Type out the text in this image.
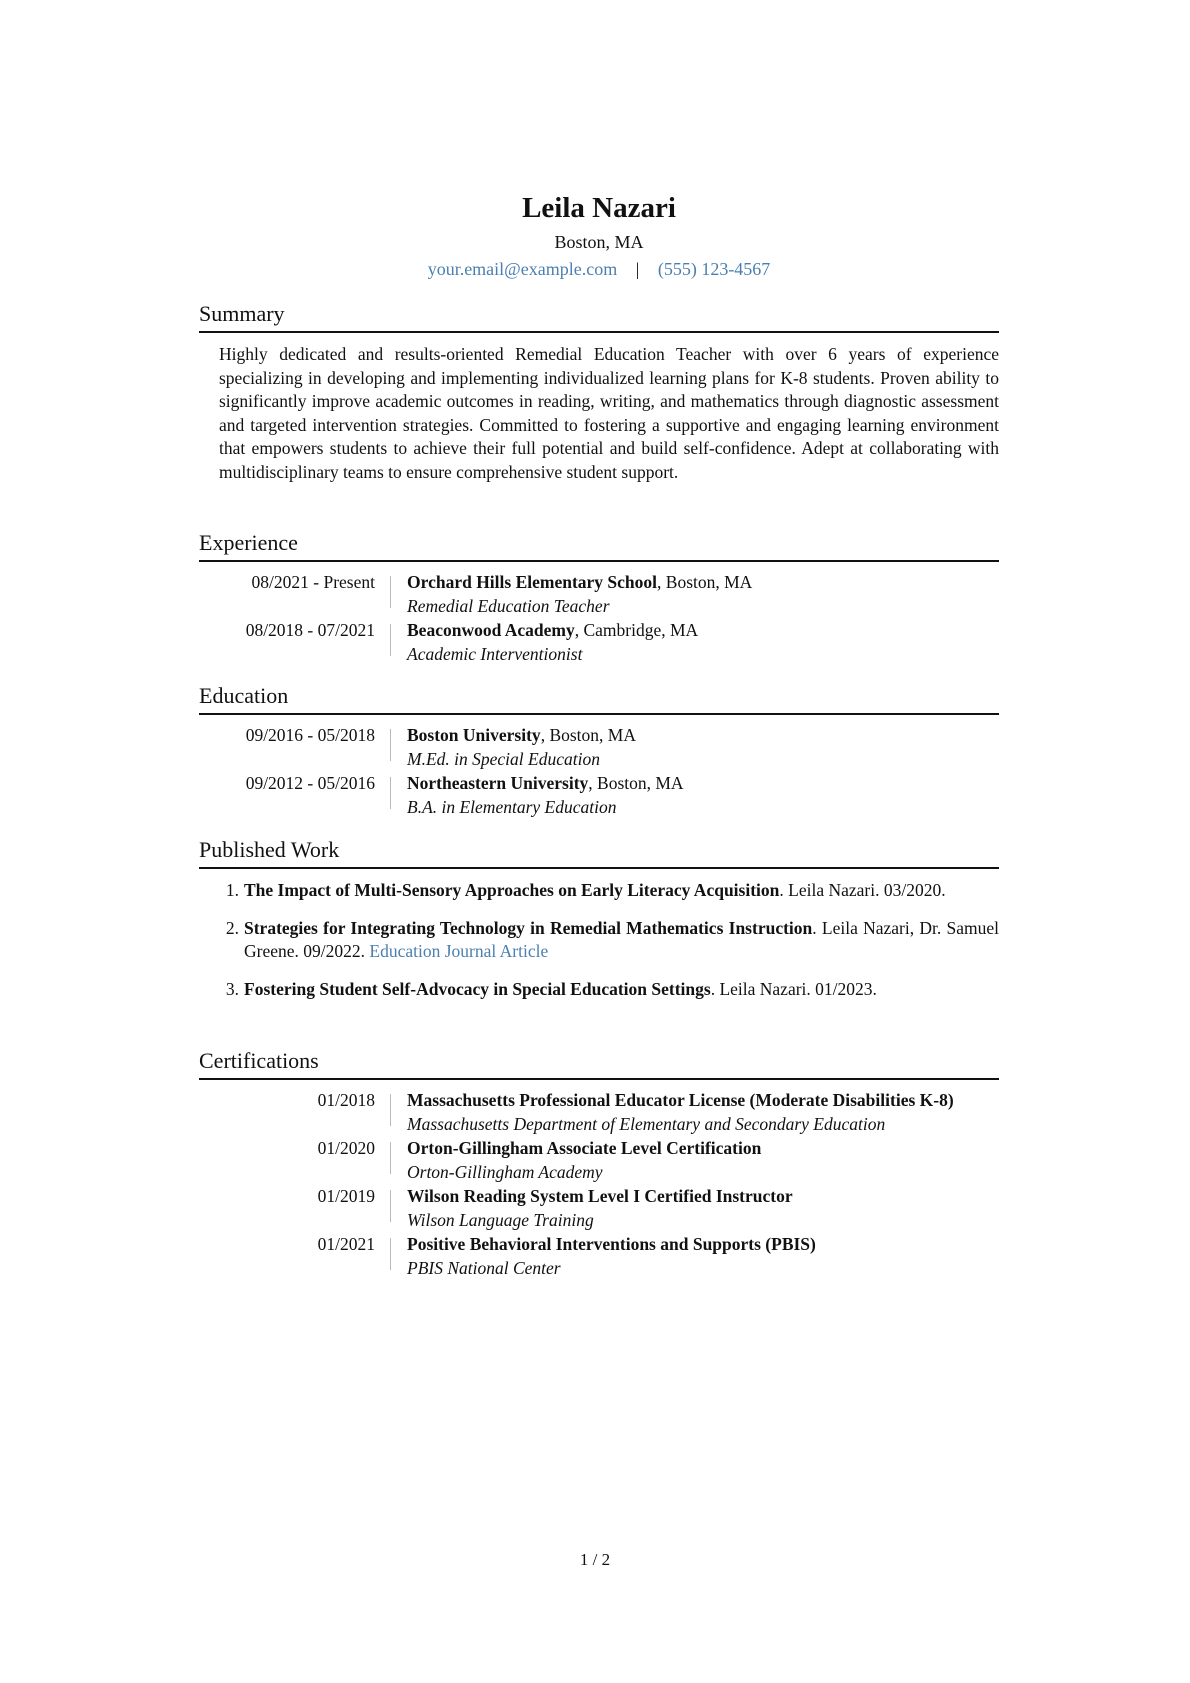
Leila Nazari
Boston, MA
your.email@example.com | (555) 123-4567
Summary
Highly dedicated and results-oriented Remedial Education Teacher with over 6 years of experience specializing in developing and implementing individualized learning plans for K-8 students. Proven ability to significantly improve academic outcomes in reading, writing, and mathematics through diagnostic assessment and targeted intervention strategies. Committed to fostering a supportive and engaging learning environment that empowers students to achieve their full potential and build self-confidence. Adept at collaborating with multidisciplinary teams to ensure comprehensive student support.
Experience
08/2021 - Present	Orchard Hills Elementary School, Boston, MA
Remedial Education Teacher
08/2018 - 07/2021	Beaconwood Academy, Cambridge, MA
Academic Interventionist
Education
09/2016 - 05/2018	Boston University, Boston, MA
M.Ed. in Special Education
09/2012 - 05/2016	Northeastern University, Boston, MA
B.A. in Elementary Education
Published Work
1. The Impact of Multi-Sensory Approaches on Early Literacy Acquisition. Leila Nazari. 03/2020.
2. Strategies for Integrating Technology in Remedial Mathematics Instruction. Leila Nazari, Dr. Samuel Greene. 09/2022. Education Journal Article
3. Fostering Student Self-Advocacy in Special Education Settings. Leila Nazari. 01/2023.
Certifications
01/2018	Massachusetts Professional Educator License (Moderate Disabilities K-8)
Massachusetts Department of Elementary and Secondary Education
01/2020	Orton-Gillingham Associate Level Certification
Orton-Gillingham Academy
01/2019	Wilson Reading System Level I Certified Instructor
Wilson Language Training
01/2021	Positive Behavioral Interventions and Supports (PBIS)
PBIS National Center
1 / 2
